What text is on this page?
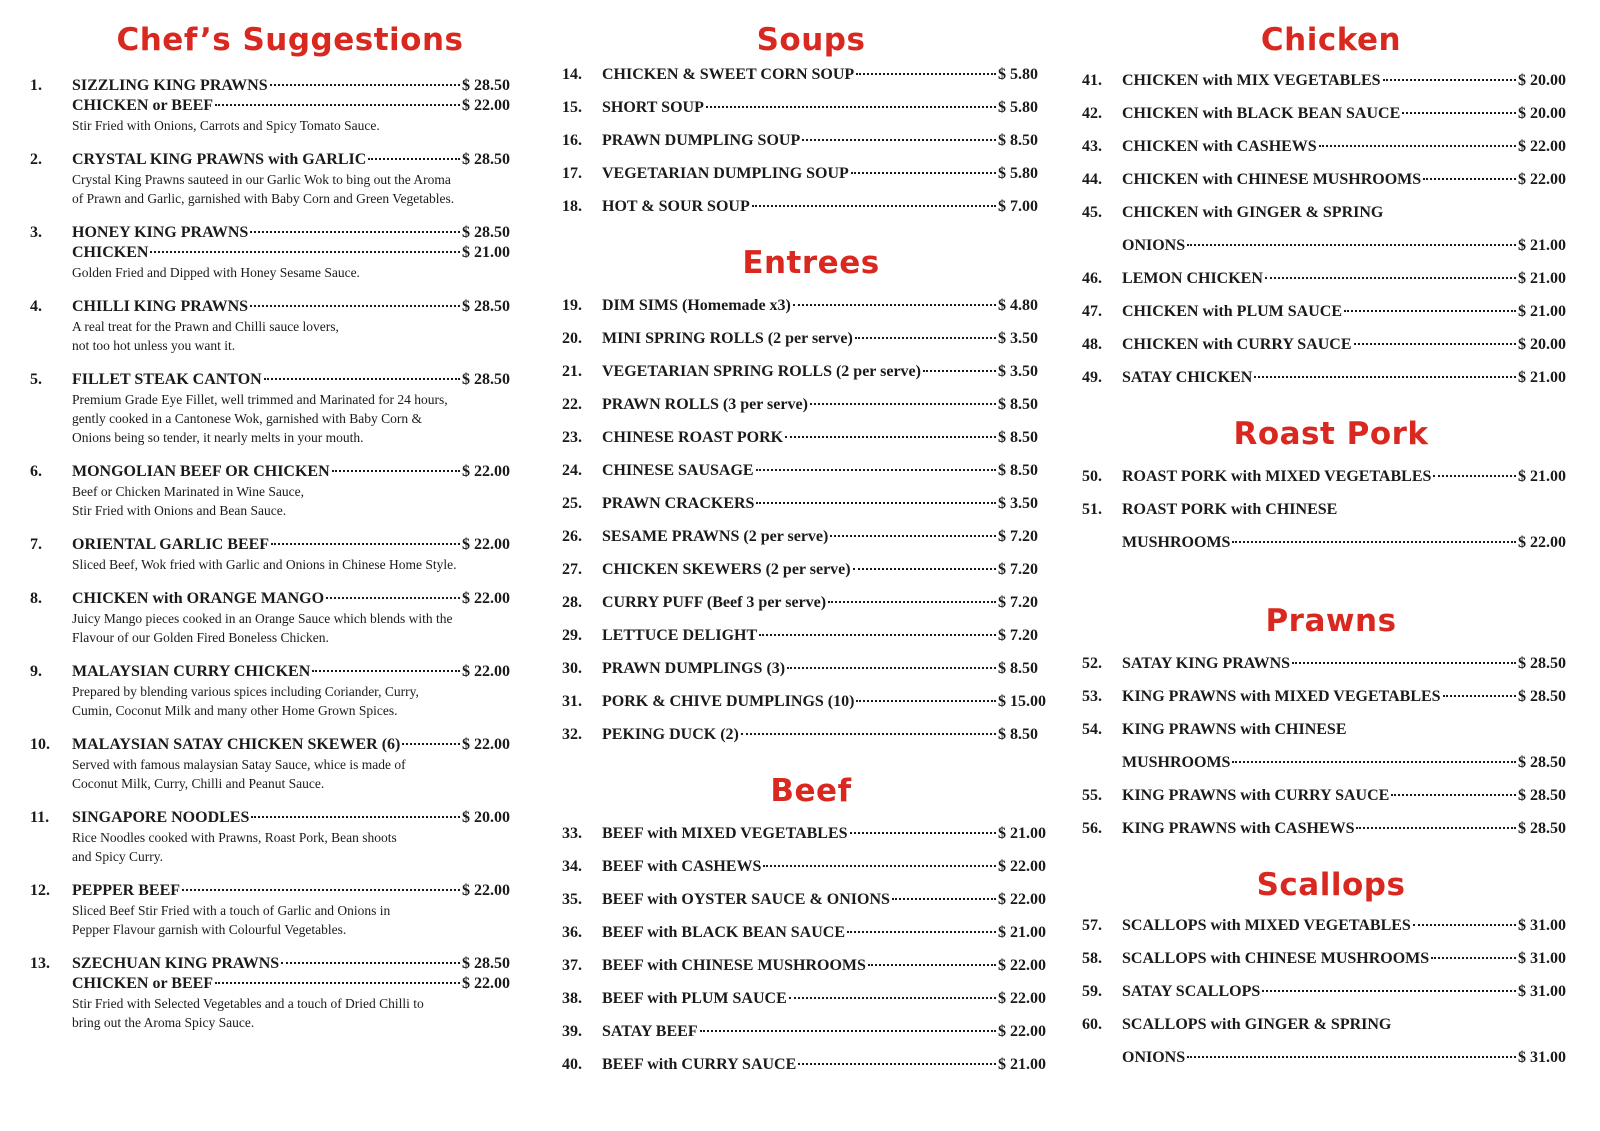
Chef’s Suggestions
1.	SIZZLING KING PRAWNS	$ 28.50
CHICKEN or BEEF	$ 22.00
Stir Fried with Onions, Carrots and Spicy Tomato Sauce.
2.	CRYSTAL KING PRAWNS with GARLIC	$ 28.50
Crystal King Prawns sauteed in our Garlic Wok to bing out the Aroma
of Prawn and Garlic, garnished with Baby Corn and Green Vegetables.
3.	HONEY KING PRAWNS	$ 28.50
CHICKEN	$ 21.00
Golden Fried and Dipped with Honey Sesame Sauce.
4.	CHILLI KING PRAWNS	$ 28.50
A real treat for the Prawn and Chilli sauce lovers,
not too hot unless you want it.
5.	FILLET STEAK CANTON	$ 28.50
Premium Grade Eye Fillet, well trimmed and Marinated for 24 hours,
gently cooked in a Cantonese Wok, garnished with Baby Corn &
Onions being so tender, it nearly melts in your mouth.
6.	MONGOLIAN BEEF OR CHICKEN	$ 22.00
Beef or Chicken Marinated in Wine Sauce,
Stir Fried with Onions and Bean Sauce.
7.	ORIENTAL GARLIC BEEF	$ 22.00
Sliced Beef, Wok fried with Garlic and Onions in Chinese Home Style.
8.	CHICKEN with ORANGE MANGO	$ 22.00
Juicy Mango pieces cooked in an Orange Sauce which blends with the
Flavour of our Golden Fired Boneless Chicken.
9.	MALAYSIAN CURRY CHICKEN	$ 22.00
Prepared by blending various spices including Coriander, Curry,
Cumin, Coconut Milk and many other Home Grown Spices.
10.	MALAYSIAN SATAY CHICKEN SKEWER (6)	$ 22.00
Served with famous malaysian Satay Sauce, whice is made of
Coconut Milk, Curry, Chilli and Peanut Sauce.
11.	SINGAPORE NOODLES	$ 20.00
Rice Noodles cooked with Prawns, Roast Pork, Bean shoots
and Spicy Curry.
12.	PEPPER BEEF	$ 22.00
Sliced Beef Stir Fried with a touch of Garlic and Onions in
Pepper Flavour garnish with Colourful Vegetables.
13.	SZECHUAN KING PRAWNS	$ 28.50
CHICKEN or BEEF	$ 22.00
Stir Fried with Selected Vegetables and a touch of Dried Chilli to
bring out the Aroma Spicy Sauce.
Soups
14.	CHICKEN & SWEET CORN SOUP	$ 5.80
15.	SHORT SOUP	$ 5.80
16.	PRAWN DUMPLING SOUP	$ 8.50
17.	VEGETARIAN DUMPLING SOUP	$ 5.80
18.	HOT & SOUR SOUP	$ 7.00
Entrees
19.	DIM SIMS (Homemade x3)	$ 4.80
20.	MINI SPRING ROLLS (2 per serve)	$ 3.50
21.	VEGETARIAN SPRING ROLLS (2 per serve)	$ 3.50
22.	PRAWN ROLLS (3 per serve)	$ 8.50
23.	CHINESE ROAST PORK	$ 8.50
24.	CHINESE SAUSAGE	$ 8.50
25.	PRAWN CRACKERS	$ 3.50
26.	SESAME PRAWNS (2 per serve)	$ 7.20
27.	CHICKEN SKEWERS (2 per serve)	$ 7.20
28.	CURRY PUFF (Beef 3 per serve)	$ 7.20
29.	LETTUCE DELIGHT	$ 7.20
30.	PRAWN DUMPLINGS (3)	$ 8.50
31.	PORK & CHIVE DUMPLINGS (10)	$ 15.00
32.	PEKING DUCK (2)	$ 8.50
Beef
33.	BEEF with MIXED VEGETABLES	$ 21.00
34.	BEEF with CASHEWS	$ 22.00
35.	BEEF with OYSTER SAUCE & ONIONS	$ 22.00
36.	BEEF with BLACK BEAN SAUCE	$ 21.00
37.	BEEF with CHINESE MUSHROOMS	$ 22.00
38.	BEEF with PLUM SAUCE	$ 22.00
39.	SATAY BEEF	$ 22.00
40.	BEEF with CURRY SAUCE	$ 21.00
Chicken
41.	CHICKEN with MIX VEGETABLES	$ 20.00
42.	CHICKEN with BLACK BEAN SAUCE	$ 20.00
43.	CHICKEN with CASHEWS	$ 22.00
44.	CHICKEN with CHINESE MUSHROOMS	$ 22.00
45.	CHICKEN with GINGER & SPRING
ONIONS	$ 21.00
46.	LEMON CHICKEN	$ 21.00
47.	CHICKEN with PLUM SAUCE	$ 21.00
48.	CHICKEN with CURRY SAUCE	$ 20.00
49.	SATAY CHICKEN	$ 21.00
Roast Pork
50.	ROAST PORK with MIXED VEGETABLES	$ 21.00
51.	ROAST PORK with CHINESE
MUSHROOMS	$ 22.00
Prawns
52.	SATAY KING PRAWNS	$ 28.50
53.	KING PRAWNS with MIXED VEGETABLES	$ 28.50
54.	KING PRAWNS with CHINESE
MUSHROOMS	$ 28.50
55.	KING PRAWNS with CURRY SAUCE	$ 28.50
56.	KING PRAWNS with CASHEWS	$ 28.50
Scallops
57.	SCALLOPS with MIXED VEGETABLES	$ 31.00
58.	SCALLOPS with CHINESE MUSHROOMS	$ 31.00
59.	SATAY SCALLOPS	$ 31.00
60.	SCALLOPS with GINGER & SPRING
ONIONS	$ 31.00
